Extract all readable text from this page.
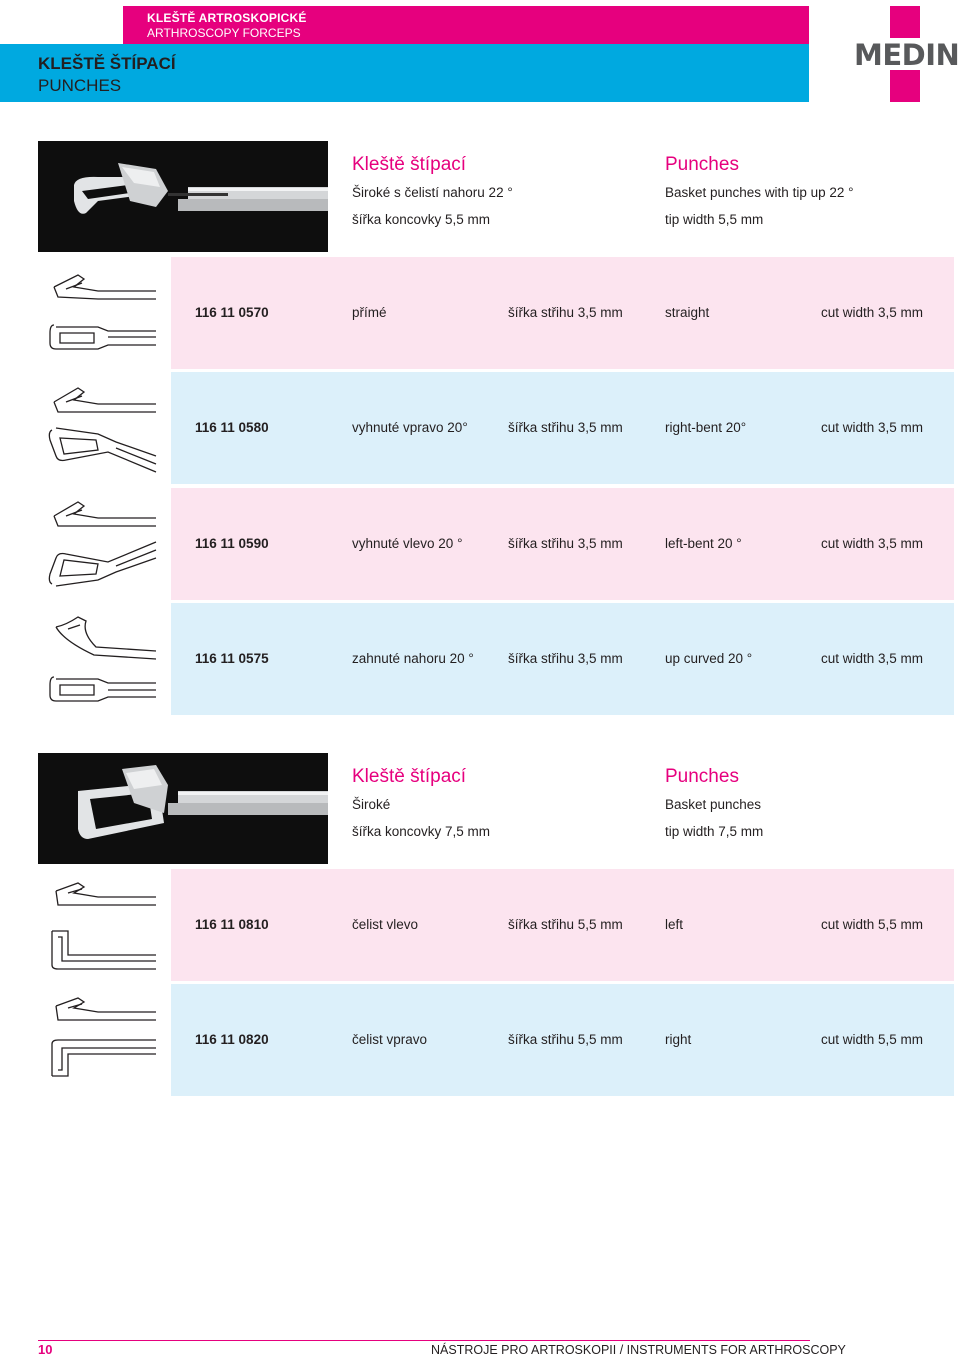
KLEŠTĚ ARTROSKOPICKÉ
ARTHROSCOPY FORCEPS
KLEŠTĚ ŠTÍPACÍ
PUNCHES
MEDIN
Kleště štípací
Široké s čelistí nahoru 22 °
šířka koncovky 5,5 mm
Punches
Basket punches with tip up 22 °
tip width 5,5 mm
116 11 0570	přímé	šířka střihu 3,5 mm	straight	cut width 3,5 mm
116 11 0580	vyhnuté vpravo 20°	šířka střihu 3,5 mm	right-bent 20°	cut width 3,5 mm
116 11 0590	vyhnuté vlevo 20 °	šířka střihu 3,5 mm	left-bent 20 °	cut width 3,5 mm
116 11 0575	zahnuté nahoru 20 °	šířka střihu 3,5 mm	up curved 20 °	cut width 3,5 mm
Kleště štípací
Široké
šířka koncovky 7,5 mm
Punches
Basket punches
tip width 7,5 mm
116 11 0810	čelist vlevo	šířka střihu 5,5 mm	left	cut width 5,5 mm
116 11 0820	čelist vpravo	šířka střihu 5,5 mm	right	cut width 5,5 mm
10	NÁSTROJE PRO ARTROSKOPII / INSTRUMENTS FOR ARTHROSCOPY
